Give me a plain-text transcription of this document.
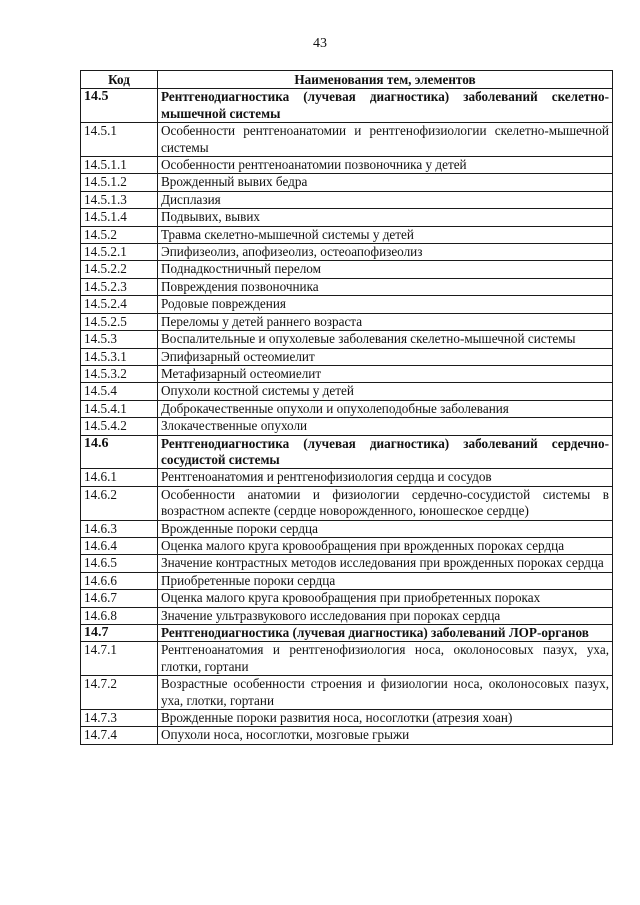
43
Код	Наименования тем, элементов
14.5	Рентгенодиагностика (лучевая диагностика) заболеваний скелетно-мышечной системы
14.5.1	Особенности рентгеноанатомии и рентгенофизиологии скелетно-мышечной системы
14.5.1.1	Особенности рентгеноанатомии позвоночника у детей
14.5.1.2	Врожденный вывих бедра
14.5.1.3	Дисплазия
14.5.1.4	Подвывих, вывих
14.5.2	Травма скелетно-мышечной системы у детей
14.5.2.1	Эпифизеолиз, апофизеолиз, остеоапофизеолиз
14.5.2.2	Поднадкостничный перелом
14.5.2.3	Повреждения позвоночника
14.5.2.4	Родовые повреждения
14.5.2.5	Переломы у детей раннего возраста
14.5.3	Воспалительные и опухолевые заболевания скелетно-мышечной системы
14.5.3.1	Эпифизарный остеомиелит
14.5.3.2	Метафизарный остеомиелит
14.5.4	Опухоли костной системы у детей
14.5.4.1	Доброкачественные опухоли и опухолеподобные заболевания
14.5.4.2	Злокачественные опухоли
14.6	Рентгенодиагностика (лучевая диагностика) заболеваний сердечно-сосудистой системы
14.6.1	Рентгеноанатомия и рентгенофизиология сердца и сосудов
14.6.2	Особенности анатомии и физиологии сердечно-сосудистой системы в возрастном аспекте (сердце новорожденного, юношеское сердце)
14.6.3	Врожденные пороки сердца
14.6.4	Оценка малого круга кровообращения при врожденных пороках сердца
14.6.5	Значение контрастных методов исследования при врожденных пороках сердца
14.6.6	Приобретенные пороки сердца
14.6.7	Оценка малого круга кровообращения при приобретенных пороках
14.6.8	Значение ультразвукового исследования при пороках сердца
14.7	Рентгенодиагностика (лучевая диагностика) заболеваний ЛОР-органов
14.7.1	Рентгеноанатомия и рентгенофизиология носа, околоносовых пазух, уха, глотки, гортани
14.7.2	Возрастные особенности строения и физиологии носа, околоносовых пазух, уха, глотки, гортани
14.7.3	Врожденные пороки развития носа, носоглотки (атрезия хоан)
14.7.4	Опухоли носа, носоглотки, мозговые грыжи
